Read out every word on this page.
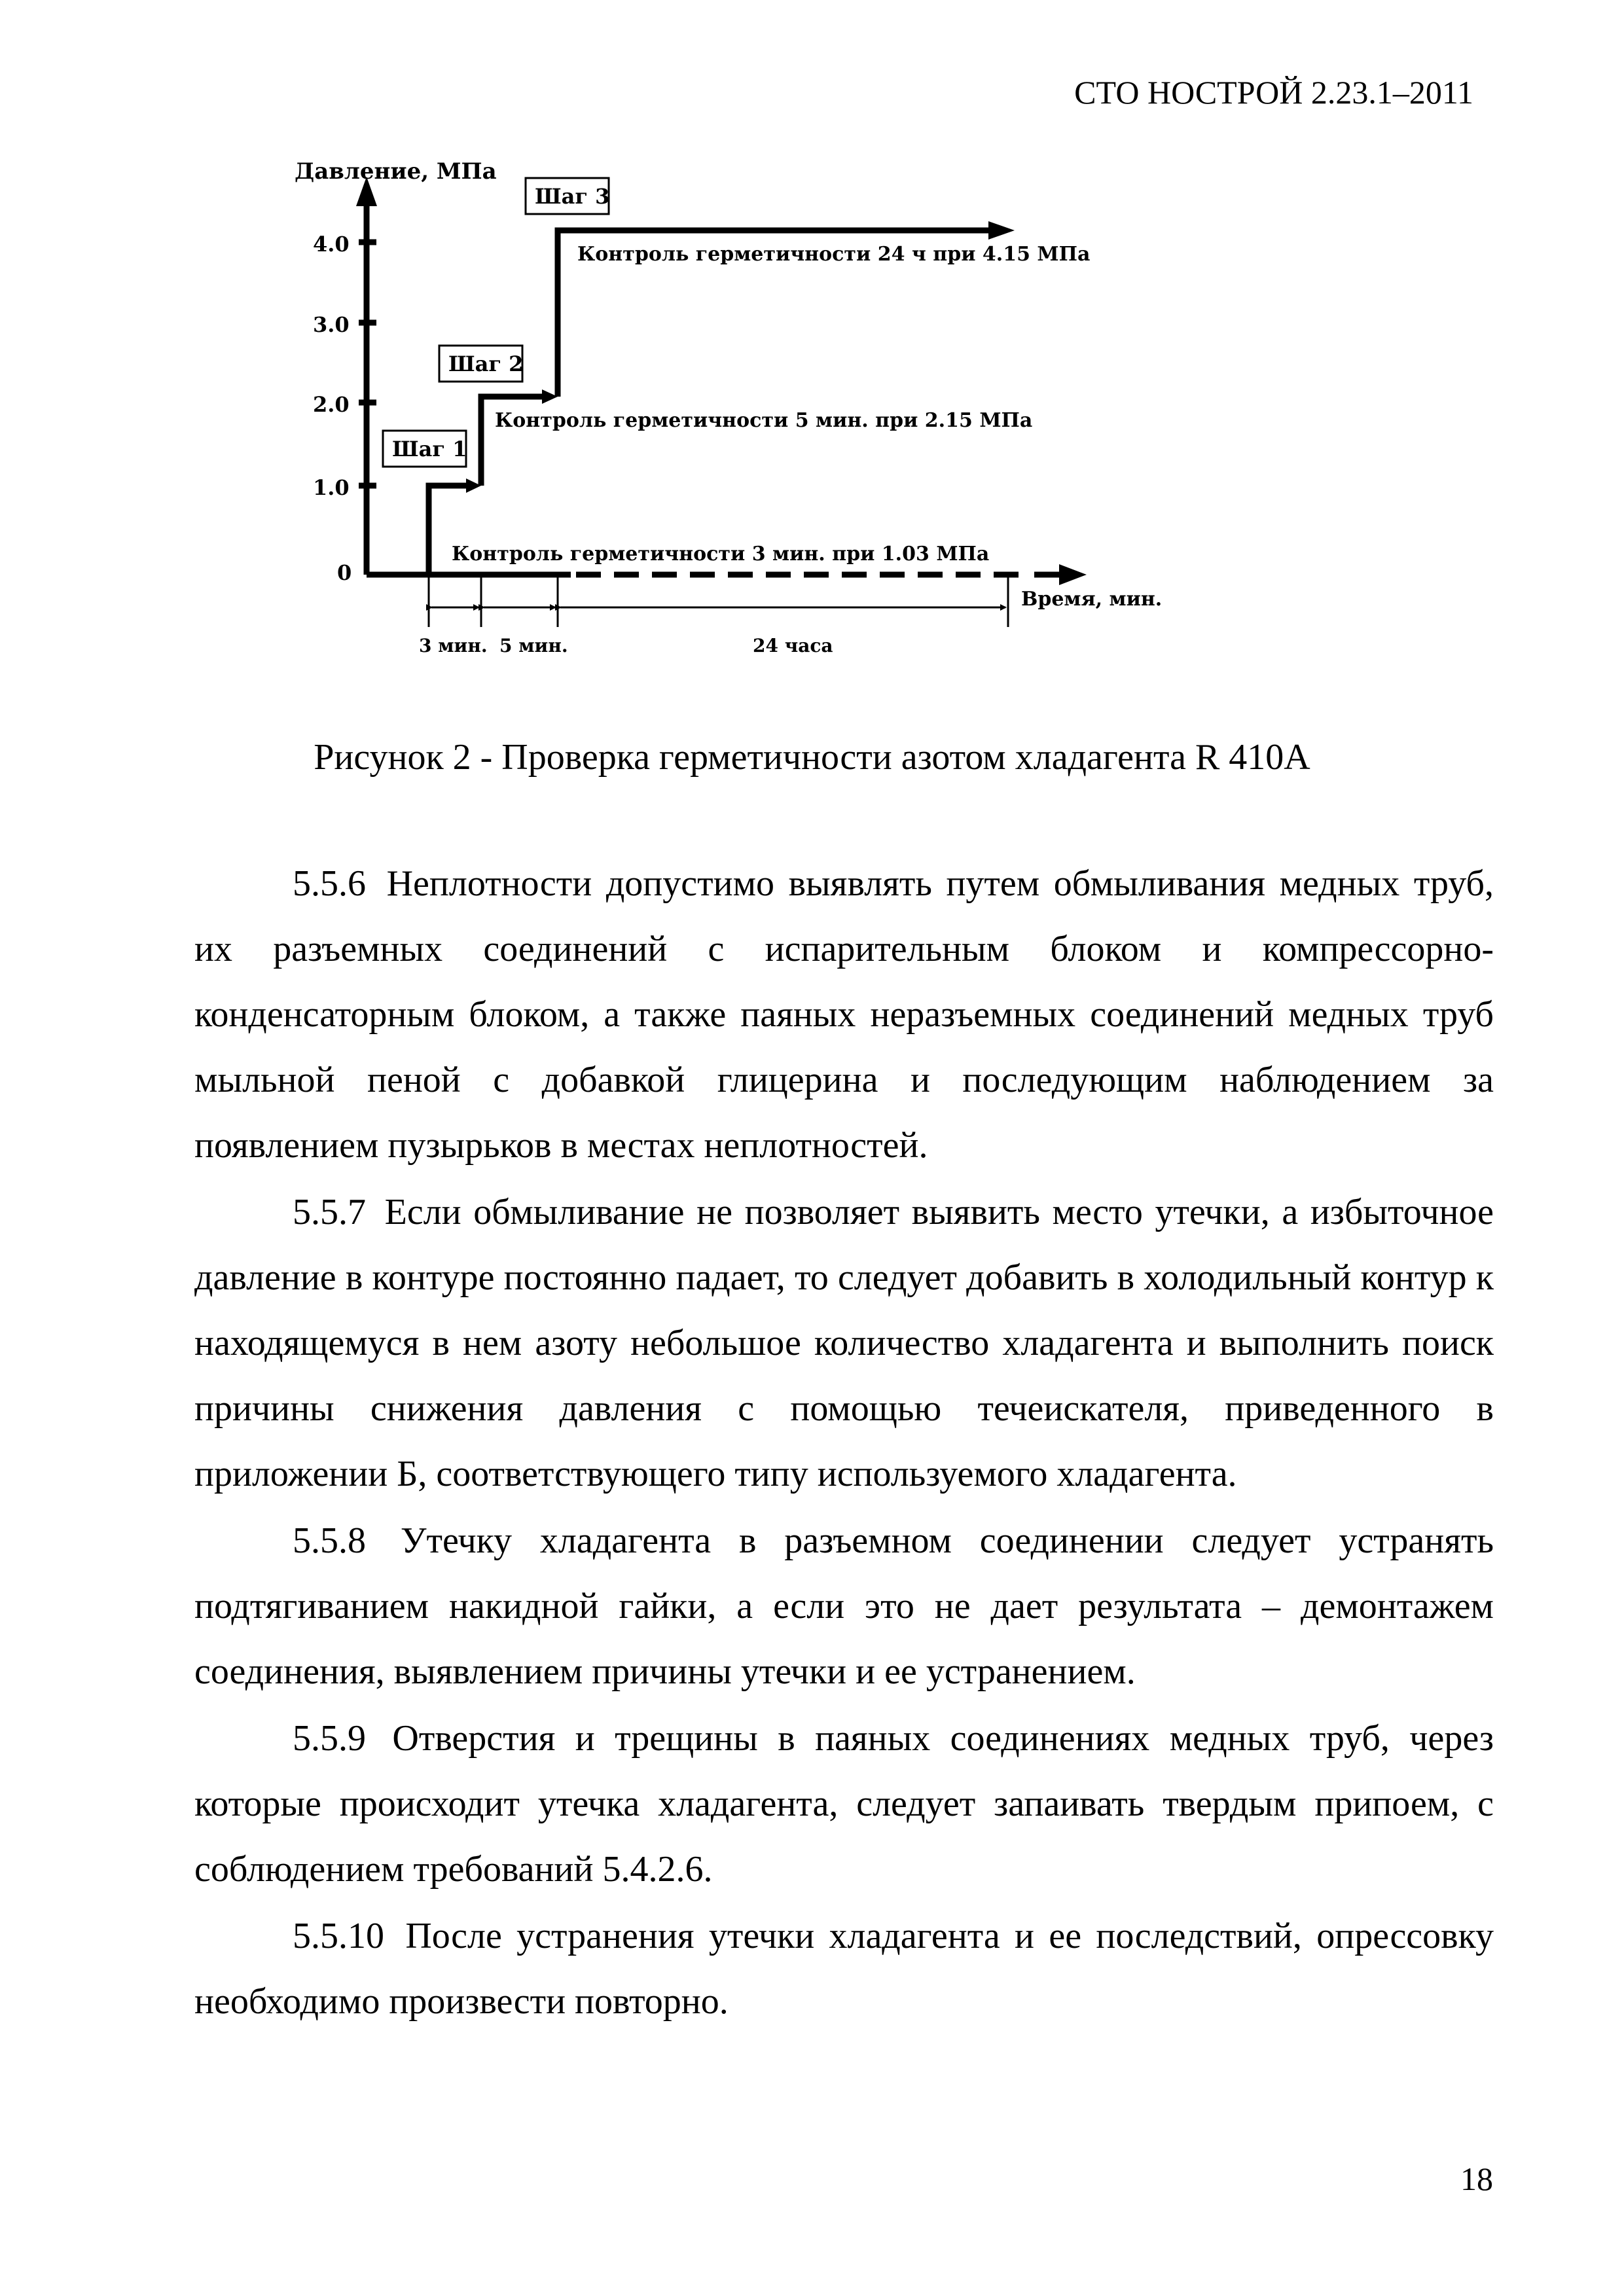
СТО НОСТРОЙ 2.23.1–2011
4.0
3.0
2.0
1.0
0
Давление, МПа
Шаг 3
Шаг 2
Шаг 1
Контроль герметичности 24 ч при 4.15 МПа
Контроль герметичности 5 мин. при 2.15 МПа
Контроль герметичности 3 мин. при 1.03 МПа
Время, мин.
3 мин. 5 мин.	24 часа
Рисунок 2 - Проверка герметичности азотом хладагента R 410А

5.5.6 Неплотности допустимо выявлять путем обмыливания медных труб, их разъемных соединений с испарительным блоком и компрессорно-конденсаторным блоком, а также паяных неразъемных соединений медных труб мыльной пеной с добавкой глицерина и последующим наблюдением за появлением пузырьков в местах неплотностей.

5.5.7 Если обмыливание не позволяет выявить место утечки, а избыточное давление в контуре постоянно падает, то следует добавить в холодильный контур к находящемуся в нем азоту небольшое количество хладагента и выполнить поиск причины снижения давления с помощью течеискателя, приведенного в приложении Б, соответствующего типу используемого хладагента.

5.5.8 Утечку хладагента в разъемном соединении следует устранять подтягиванием накидной гайки, а если это не дает результата – демонтажем соединения, выявлением причины утечки и ее устранением.

5.5.9 Отверстия и трещины в паяных соединениях медных труб, через которые происходит утечка хладагента, следует запаивать твердым припоем, с соблюдением требований 5.4.2.6.

5.5.10 После устранения утечки хладагента и ее последствий, опрессовку необходимо произвести повторно.

18
